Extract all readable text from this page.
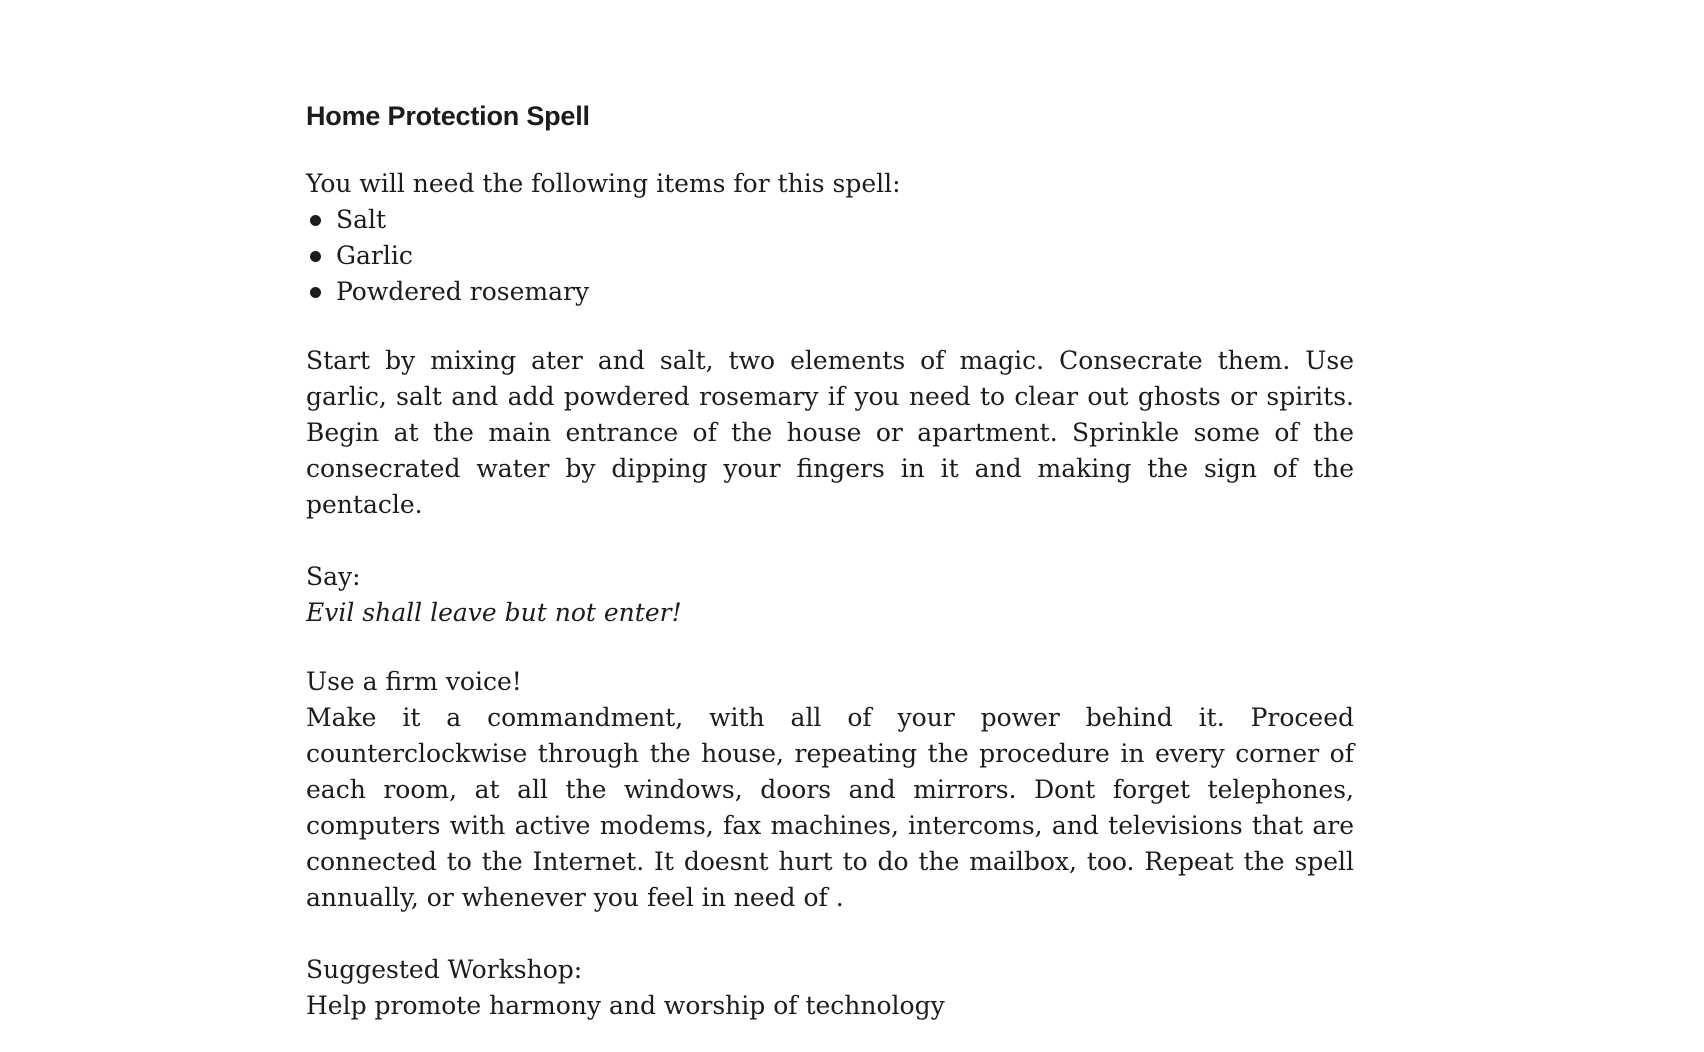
Home Protection Spell

You will need the following items for this spell:

Salt
Garlic
Powdered rosemary

Start by mixing ater and salt, two elements of magic. Consecrate them. Use garlic, salt and add powdered rosemary if you need to clear out ghosts or spirits. Begin at the main entrance of the house or apartment. Sprinkle some of the consecrated water by dipping your fingers in it and making the sign of the pentacle.

Say:

Evil shall leave but not enter!

Use a firm voice!

Make it a commandment, with all of your power behind it. Proceed counterclockwise through the house, repeating the procedure in every corner of each room, at all the windows, doors and mirrors. Dont forget telephones, computers with active modems, fax machines, intercoms, and televisions that are connected to the Internet. It doesnt hurt to do the mailbox, too. Repeat the spell annually, or whenever you feel in need of .

Suggested Workshop:

Help promote harmony and worship of technology
